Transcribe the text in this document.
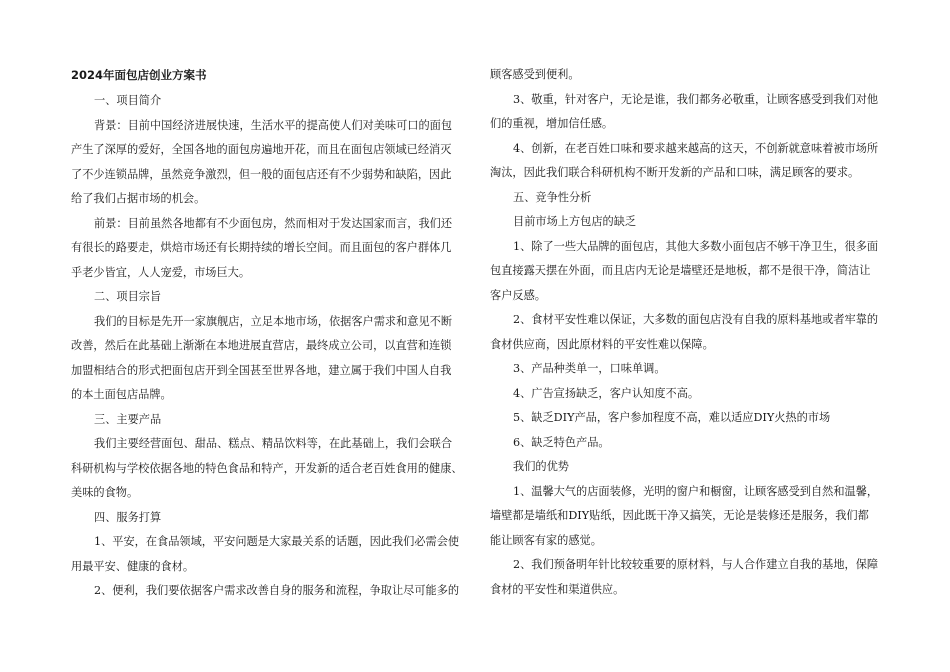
2024年面包店创业方案书
一、项目简介
背景：目前中国经济进展快速，生活水平的提高使人们对美味可口的面包
产生了深厚的爱好，全国各地的面包房遍地开花，而且在面包店领域已经消灭
了不少连锁品牌，虽然竞争激烈，但一般的面包店还有不少弱势和缺陷，因此
给了我们占据市场的机会。
前景：目前虽然各地都有不少面包房，然而相对于发达国家而言，我们还
有很长的路要走，烘焙市场还有长期持续的增长空间。而且面包的客户群体几
乎老少皆宜，人人宠爱，市场巨大。
二、项目宗旨
我们的目标是先开一家旗舰店，立足本地市场，依据客户需求和意见不断
改善，然后在此基础上渐渐在本地进展直营店，最终成立公司，以直营和连锁
加盟相结合的形式把面包店开到全国甚至世界各地，建立属于我们中国人自我
的本土面包店品牌。
三、主要产品
我们主要经营面包、甜品、糕点、精品饮料等，在此基础上，我们会联合
科研机构与学校依据各地的特色食品和特产，开发新的适合老百姓食用的健康、
美味的食物。
四、服务打算
1、平安，在食品领域，平安问题是大家最关系的话题，因此我们必需会使
用最平安、健康的食材。
2、便利，我们要依据客户需求改善自身的服务和流程，争取让尽可能多的
顾客感受到便利。
3、敬重，针对客户，无论是谁，我们都务必敬重，让顾客感受到我们对他
们的重视，增加信任感。
4、创新，在老百姓口味和要求越来越高的这天，不创新就意味着被市场所
淘汰，因此我们联合科研机构不断开发新的产品和口味，满足顾客的要求。
五、竞争性分析
目前市场上方包店的缺乏
1、除了一些大品牌的面包店，其他大多数小面包店不够干净卫生，很多面
包直接露天摆在外面，而且店内无论是墙壁还是地板，都不是很干净，简洁让
客户反感。
2、食材平安性难以保证，大多数的面包店没有自我的原料基地或者牢靠的
食材供应商，因此原材料的平安性难以保障。
3、产品种类单一，口味单调。
4、广告宣扬缺乏，客户认知度不高。
5、缺乏DIY产品，客户参加程度不高，难以适应DIY火热的市场
6、缺乏特色产品。
我们的优势
1、温馨大气的店面装修，光明的窗户和橱窗，让顾客感受到自然和温馨，
墙壁都是墙纸和DIY贴纸，因此既干净又搞笑，无论是装修还是服务，我们都
能让顾客有家的感觉。
2、我们预备明年针比较较重要的原材料，与人合作建立自我的基地，保障
食材的平安性和渠道供应。
